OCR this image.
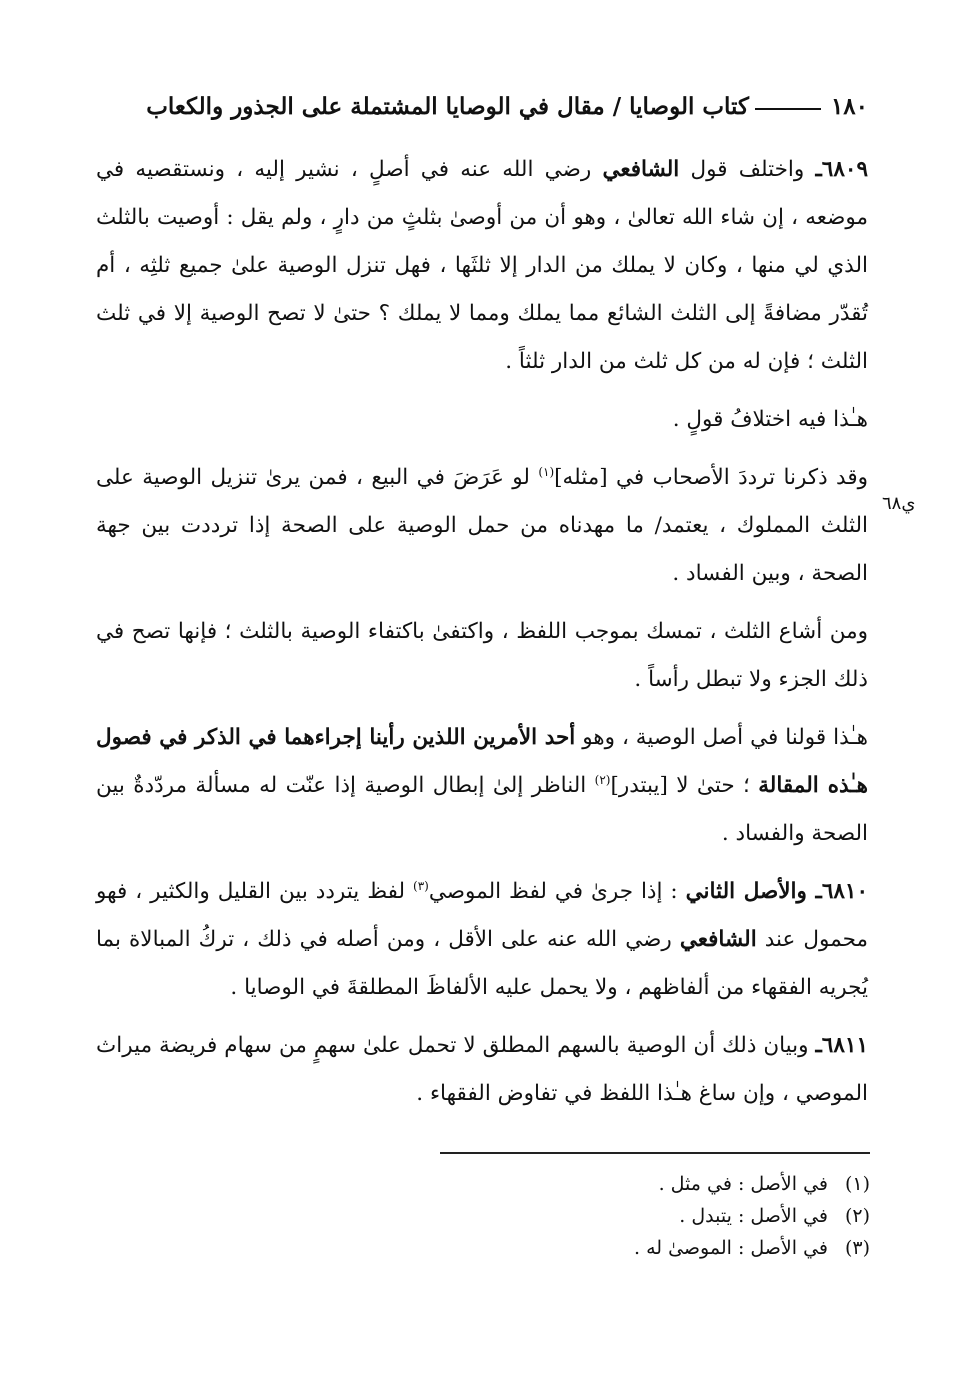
١٨٠
كتاب الوصايا / مقال في الوصايا المشتملة على الجذور والكعاب
ي٦٨

٦٨٠٩ـ واختلف قول الشافعي رضي الله عنه في أصلٍ ، نشير إليه ، ونستقصيه في موضعه ، إن شاء الله تعالىٰ ، وهو أن من أوصىٰ بثلثٍ من دارٍ ، ولم يقل : أوصيت بالثلث الذي لي منها ، وكان لا يملك من الدار إلا ثلثَها ، فهل تنزل الوصية علىٰ جميع ثلثِه ، أم تُقدّر مضافةً إلى الثلث الشائع مما يملك ومما لا يملك ؟ حتىٰ لا تصح الوصية إلا في ثلث الثلث ؛ فإن له من كل ثلث من الدار ثلثاً .

هـٰذا فيه اختلافُ قولٍ .

وقد ذكرنا ترددَ الأصحاب في [مثله]$^{(١)}$ لو عَرَضَ في البيع ، فمن يرىٰ تنزيل الوصية على الثلث المملوك ، يعتمد/ ما مهدناه من حمل الوصية على الصحة إذا ترددت بين جهة الصحة ، وبين الفساد .

ومن أشاع الثلث ، تمسك بموجب اللفظ ، واكتفىٰ باكتفاء الوصية بالثلث ؛ فإنها تصح في ذلك الجزء ولا تبطل رأساً .

هـٰذا قولنا في أصل الوصية ، وهو أحد الأمرين اللذين رأينا إجراءهما في الذكر في فصول هـٰذه المقالة ؛ حتىٰ لا [يبتدر]$^{(٢)}$ الناظر إلىٰ إبطال الوصية إذا عنّت له مسألة مردّدةٌ بين الصحة والفساد .

٦٨١٠ـ والأصل الثاني : إذا جرىٰ في لفظ الموصي$^{(٣)}$ لفظ يتردد بين القليل والكثير ، فهو محمول عند الشافعي رضي الله عنه على الأقل ، ومن أصله في ذلك ، تركُ المبالاة بما يُجريه الفقهاء من ألفاظهم ، ولا يحمل عليه الألفاظَ المطلقةَ في الوصايا .

٦٨١١ـ وبيان ذلك أن الوصية بالسهم المطلق لا تحمل علىٰ سهمٍ من سهام فريضة ميراث الموصي ، وإن ساغ هـٰذا اللفظ في تفاوض الفقهاء .

(١)
في الأصل : في مثل .
(٢)
في الأصل : يتبدل .
(٣)
في الأصل : الموصىٰ له .
